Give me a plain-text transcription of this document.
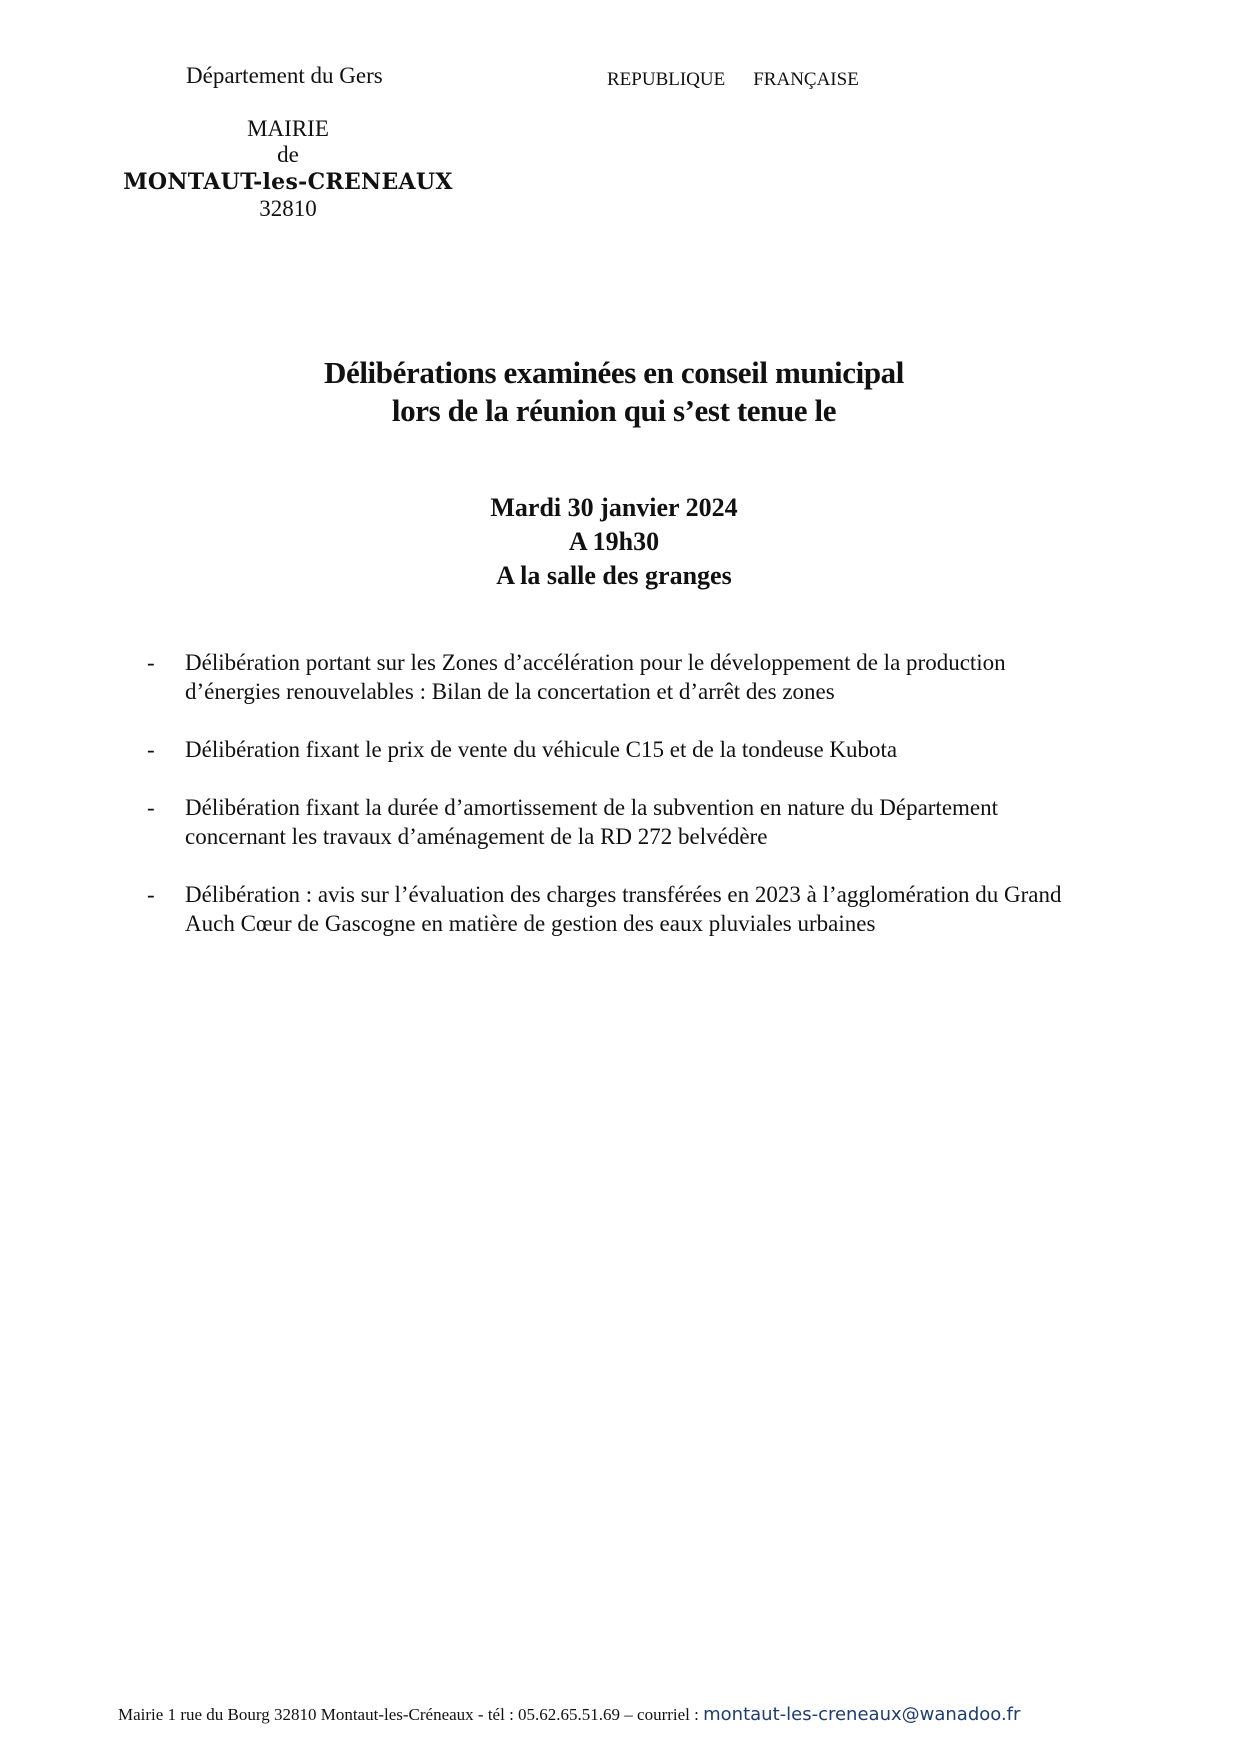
Département du Gers
MAIRIE
de
MONTAUT-les-CRENEAUX
32810
REPUBLIQUE FRANÇAISE
Délibérations examinées en conseil municipal
lors de la réunion qui s’est tenue le
Mardi 30 janvier 2024
A 19h30
A la salle des granges
- Délibération portant sur les Zones d’accélération pour le développement de la production d’énergies renouvelables : Bilan de la concertation et d’arrêt des zones
- Délibération fixant le prix de vente du véhicule C15 et de la tondeuse Kubota
- Délibération fixant la durée d’amortissement de la subvention en nature du Département concernant les travaux d’aménagement de la RD 272 belvédère
- Délibération : avis sur l’évaluation des charges transférées en 2023 à l’agglomération du Grand Auch Cœur de Gascogne en matière de gestion des eaux pluviales urbaines
Mairie 1 rue du Bourg 32810 Montaut-les-Créneaux - tél : 05.62.65.51.69 – courriel : montaut-les-creneaux@wanadoo.fr
